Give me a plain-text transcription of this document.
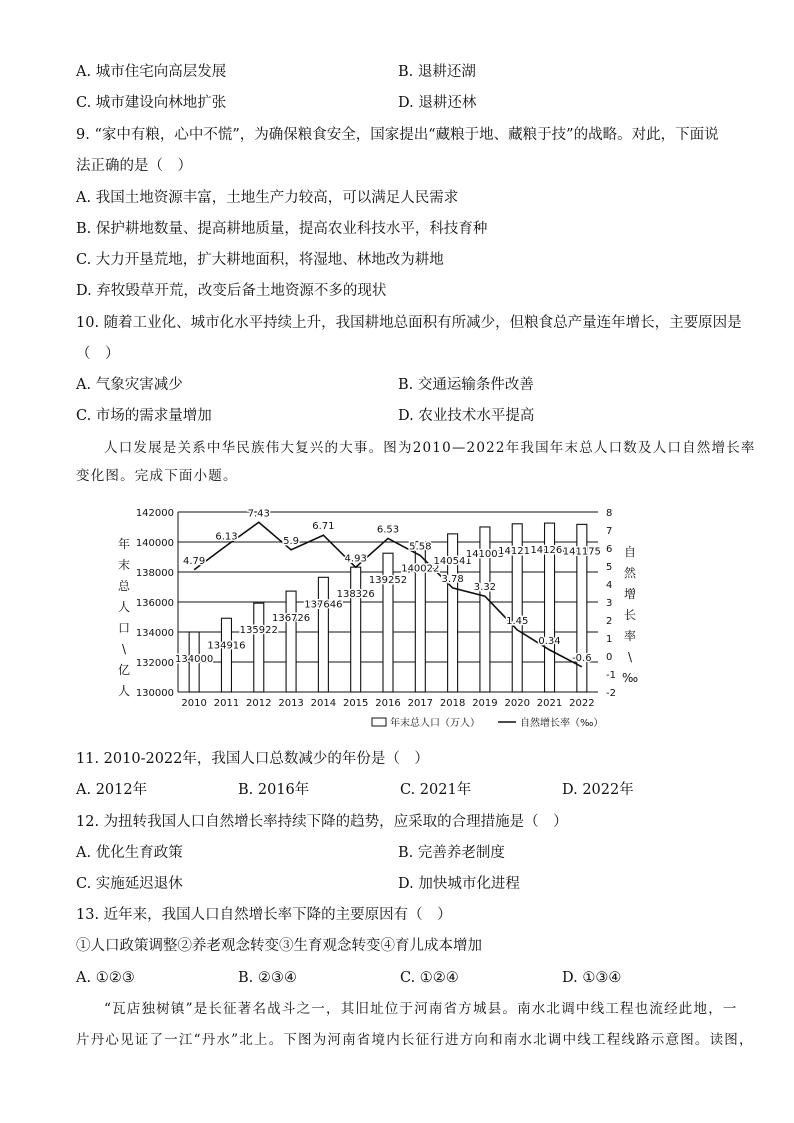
A. 城市住宅向高层发展	B. 退耕还湖
C. 城市建设向林地扩张	D. 退耕还林
9. “家中有粮，心中不慌”，为确保粮食安全，国家提出“藏粮于地、藏粮于技”的战略。对此，下面说
法正确的是（　）
A. 我国土地资源丰富，土地生产力较高，可以满足人民需求
B. 保护耕地数量、提高耕地质量，提高农业科技水平，科技育种
C. 大力开垦荒地，扩大耕地面积，将湿地、林地改为耕地
D. 弃牧毁草开荒，改变后备土地资源不多的现状
10. 随着工业化、城市化水平持续上升，我国耕地总面积有所减少，但粮食总产量连年增长，主要原因是
（　）
A. 气象灾害减少	B. 交通运输条件改善
C. 市场的需求量增加	D. 农业技术水平提高
人口发展是关系中华民族伟大复兴的大事。图为2010—2022年我国年末总人口数及人口自然增长率
变化图。完成下面小题。
142000
140000
138000
136000
134000
132000
130000
8
7
6
5
4
3
2
1
0
-1
-2
年
末
总
人
口
\
亿
人
自
然
增
长
率
\
‰
2010 2011 2012 2013 2014 2015 2016 2017 2018 2019 2020 2021 2022
134000
134916
135922
136726
137646
138326
139252
140022
140541
141003
141212
141260
141175
4.79
6.13
7.43
5.9
6.71
4.93
6.53
5.58
3.78
3.32
1.45
0.34
-0.6
年末总人口（万人）	自然增长率（‰）
11. 2010-2022年，我国人口总数减少的年份是（　）
A. 2012年	B. 2016年	C. 2021年	D. 2022年
12. 为扭转我国人口自然增长率持续下降的趋势，应采取的合理措施是（　）
A. 优化生育政策	B. 完善养老制度
C. 实施延迟退休	D. 加快城市化进程
13. 近年来，我国人口自然增长率下降的主要原因有（　）
①人口政策调整②养老观念转变③生育观念转变④育儿成本增加
A. ①②③	B. ②③④	C. ①②④	D. ①③④
“瓦店独树镇”是长征著名战斗之一，其旧址位于河南省方城县。南水北调中线工程也流经此地，一
片丹心见证了一江“丹水”北上。下图为河南省境内长征行进方向和南水北调中线工程线路示意图。读图，
